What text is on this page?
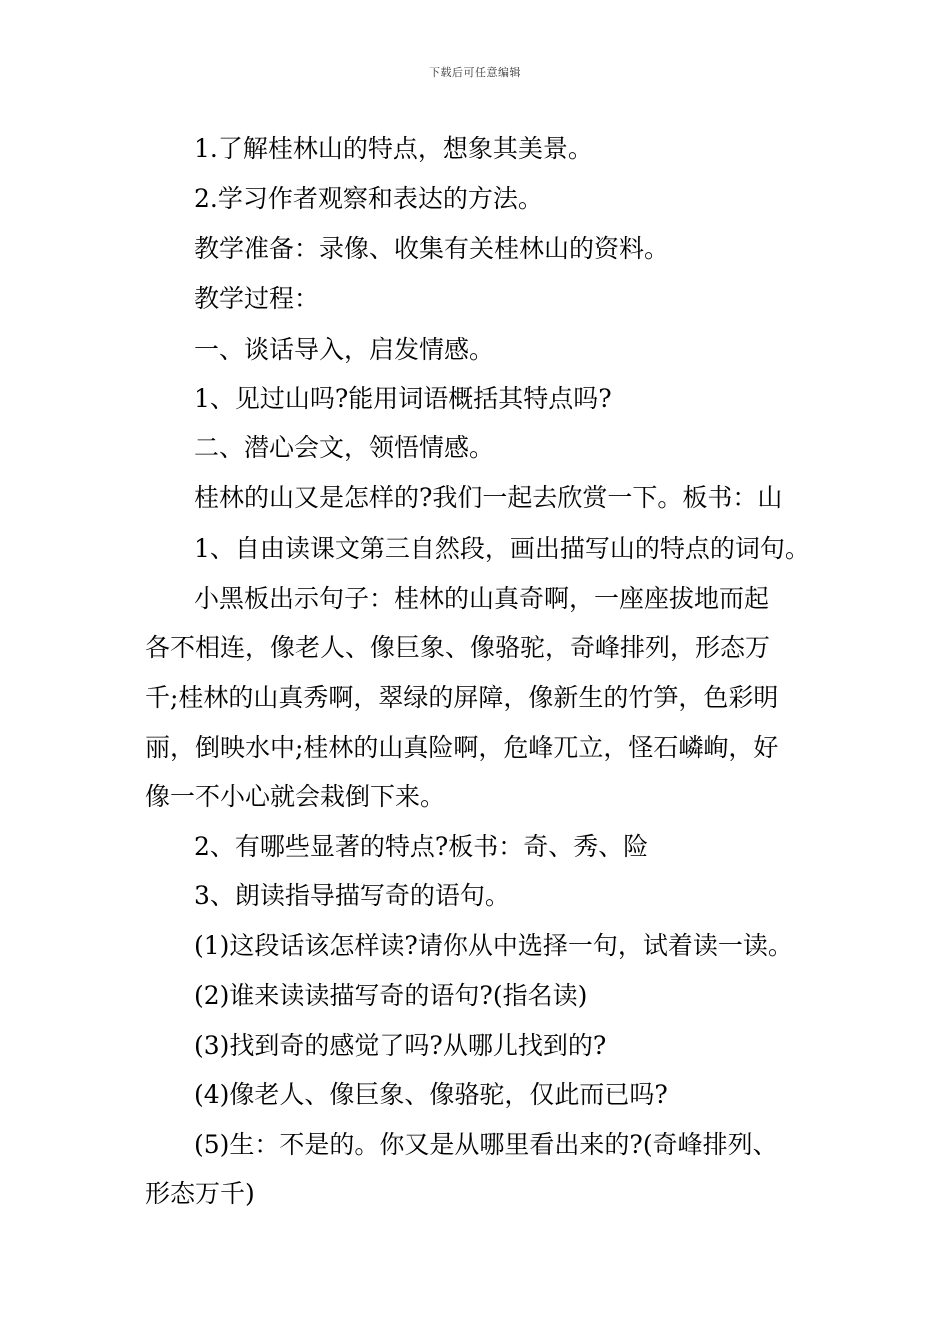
下载后可任意编辑
1.了解桂林山的特点，想象其美景。
2.学习作者观察和表达的方法。
教学准备：录像、收集有关桂林山的资料。
教学过程：
一、谈话导入，启发情感。
1、见过山吗?能用词语概括其特点吗?
二、潜心会文，领悟情感。
桂林的山又是怎样的?我们一起去欣赏一下。板书：山
1、自由读课文第三自然段，画出描写山的特点的词句。
小黑板出示句子：桂林的山真奇啊，一座座拔地而起
各不相连，像老人、像巨象、像骆驼，奇峰排列，形态万
千;桂林的山真秀啊，翠绿的屏障，像新生的竹笋，色彩明
丽，倒映水中;桂林的山真险啊，危峰兀立，怪石嶙峋，好
像一不小心就会栽倒下来。
2、有哪些显著的特点?板书：奇、秀、险
3、朗读指导描写奇的语句。
(1)这段话该怎样读?请你从中选择一句，试着读一读。
(2)谁来读读描写奇的语句?(指名读)
(3)找到奇的感觉了吗?从哪儿找到的?
(4)像老人、像巨象、像骆驼，仅此而已吗?
(5)生：不是的。你又是从哪里看出来的?(奇峰排列、
形态万千)
